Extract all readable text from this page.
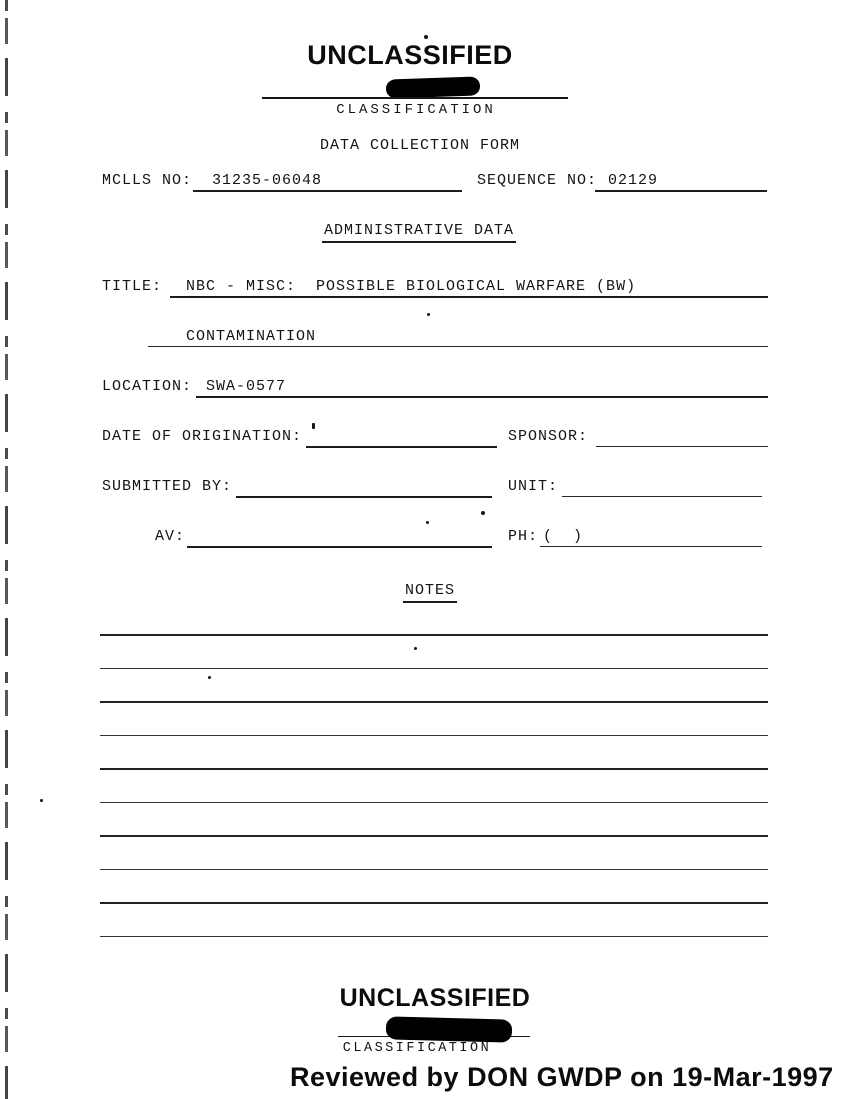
UNCLASSIFIED
CLASSIFICATION
DATA COLLECTION FORM
MCLLS NO: 31235-06048	SEQUENCE NO: 02129
ADMINISTRATIVE DATA
TITLE: NBC - MISC:  POSSIBLE BIOLOGICAL WARFARE (BW)
CONTAMINATION
LOCATION: SWA-0577
DATE OF ORIGINATION:	SPONSOR:
SUBMITTED BY:	UNIT:
AV:	PH: (  )
NOTES
UNCLASSIFIED
CLASSIFICATION
Reviewed by DON GWDP on 19-Mar-1997
